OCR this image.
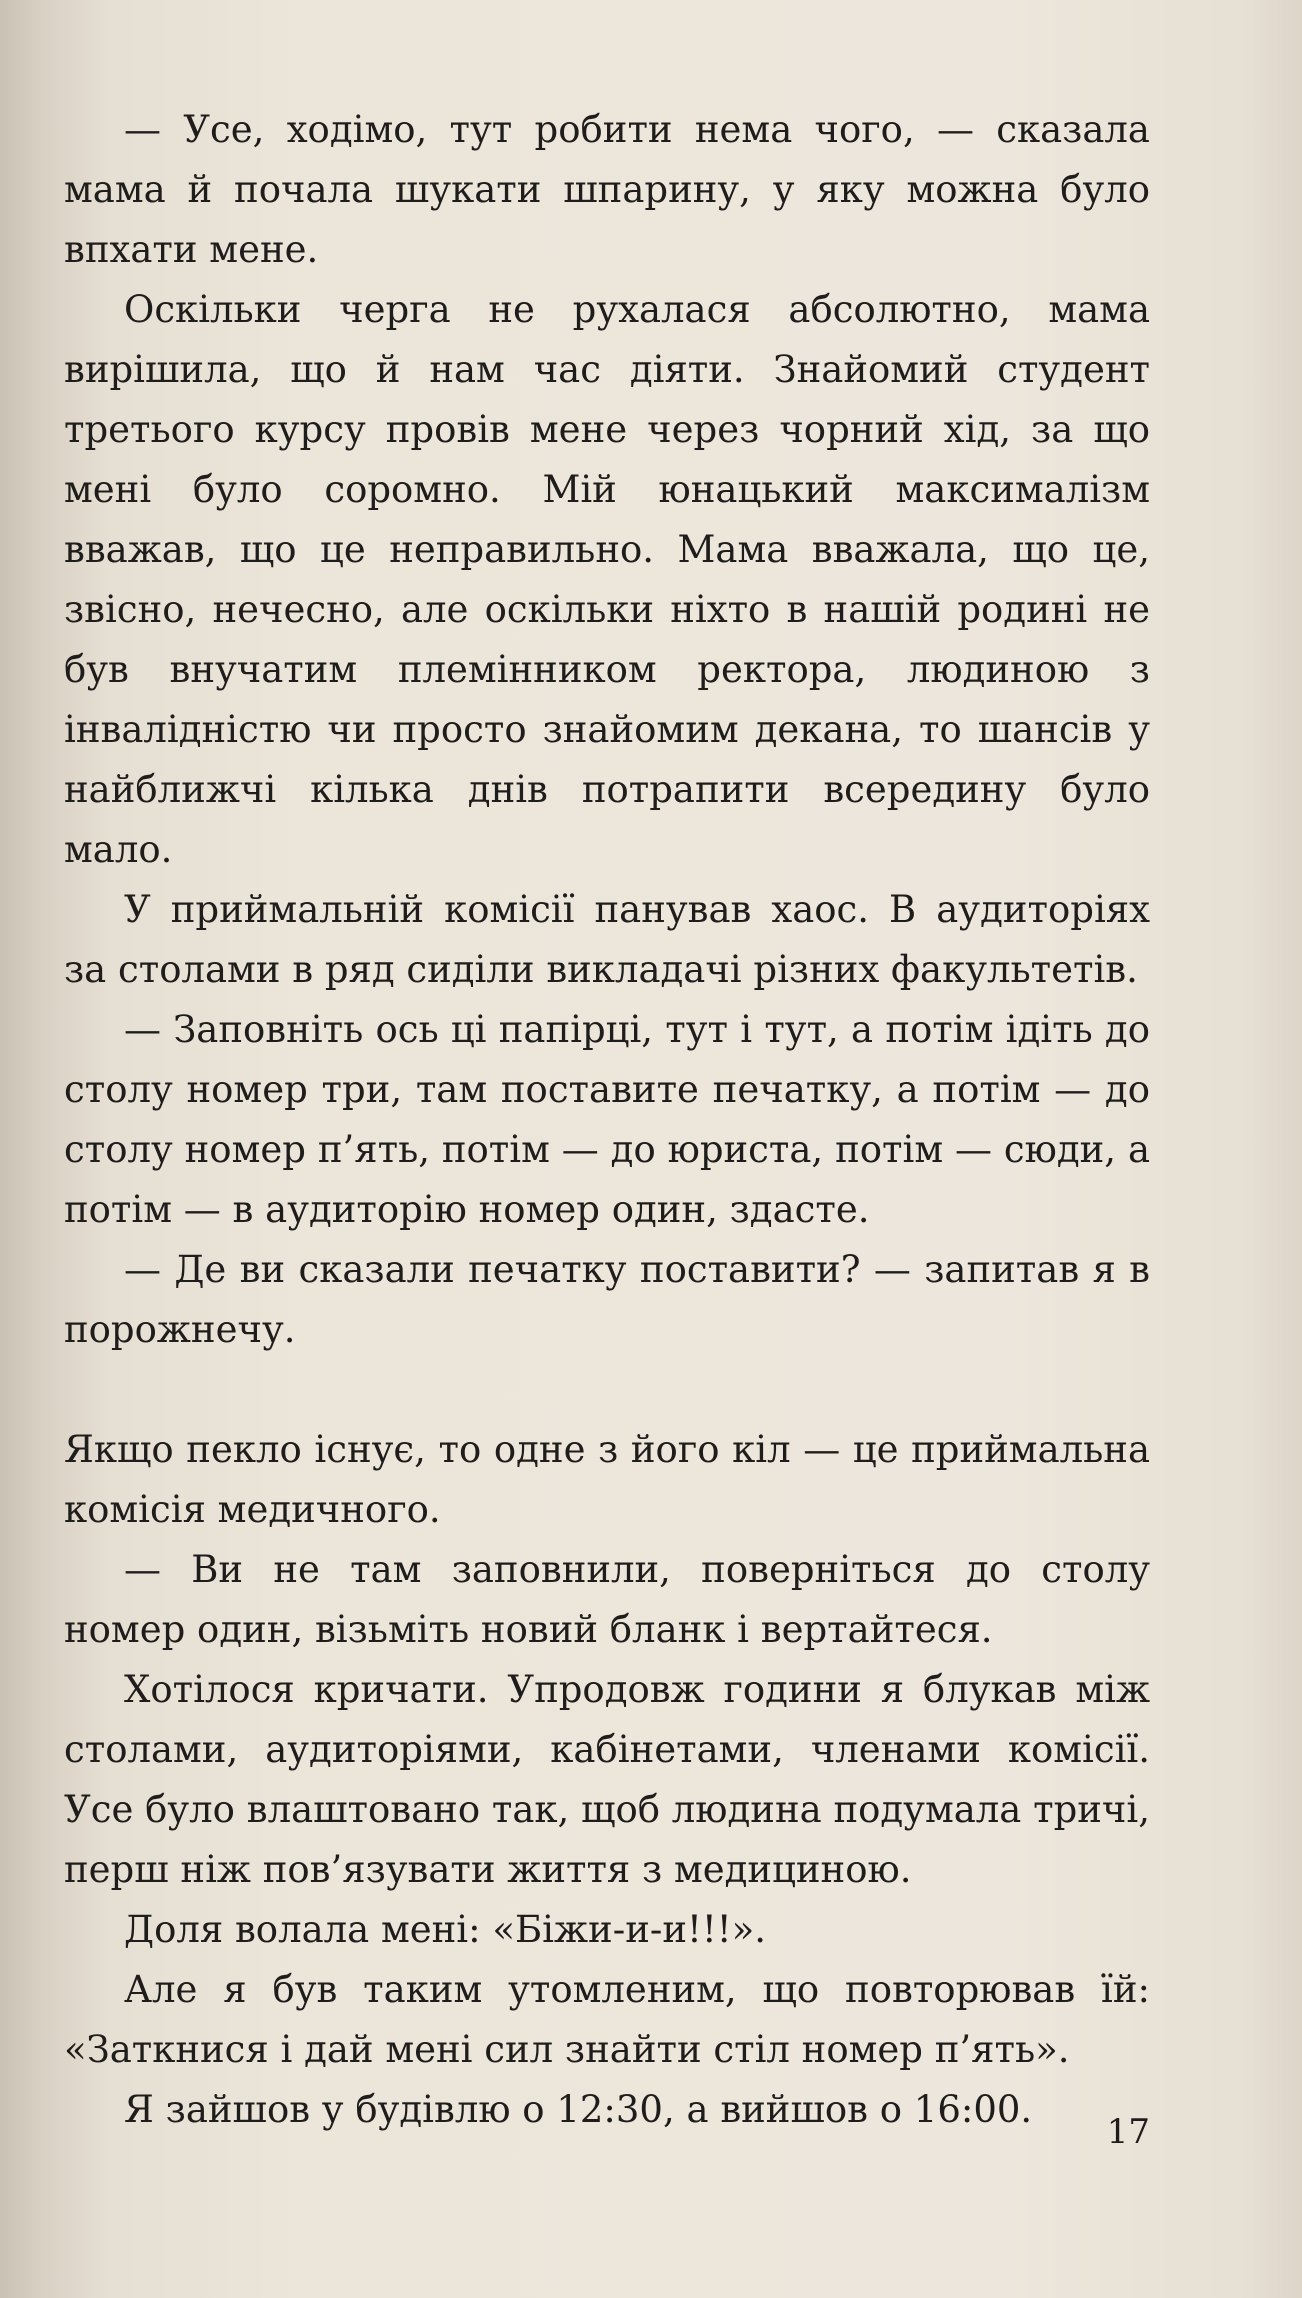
— Усе, ходімо, тут робити нема чого, — сказала мама й почала шукати шпарину, у яку можна було впхати мене.

Оскільки черга не рухалася абсолютно, мама вирішила, що й нам час діяти. Знайомий студент третього курсу провів мене через чорний хід, за що мені було соромно. Мій юнацький максималізм вважав, що це неправильно. Мама вважала, що це, звісно, нечесно, але оскільки ніхто в нашій родині не був внучатим племінником ректора, людиною з інвалідністю чи просто знайомим декана, то шансів у найближчі кілька днів потрапити всередину було мало.

У приймальній комісії панував хаос. В аудиторіях за столами в ряд сиділи викладачі різних факультетів.

— Заповніть ось ці папірці, тут і тут, а потім ідіть до столу номер три, там поставите печатку, а потім — до столу номер п’ять, потім — до юриста, потім — сюди, а потім — в аудиторію номер один, здасте.

— Де ви сказали печатку поставити? — запитав я в порожнечу.

Якщо пекло існує, то одне з його кіл — це приймальна комісія медичного.

— Ви не там заповнили, поверніться до столу номер один, візьміть новий бланк і вертайтеся.

Хотілося кричати. Упродовж години я блукав між столами, аудиторіями, кабінетами, членами комісії. Усе було влаштовано так, щоб людина подумала тричі, перш ніж пов’язувати життя з медициною.

Доля волала мені: «Біжи-и-и!!!».

Але я був таким утомленим, що повторював їй: «Заткнися і дай мені сил знайти стіл номер п’ять».

Я зайшов у будівлю о 12:30, а вийшов о 16:00.

17
